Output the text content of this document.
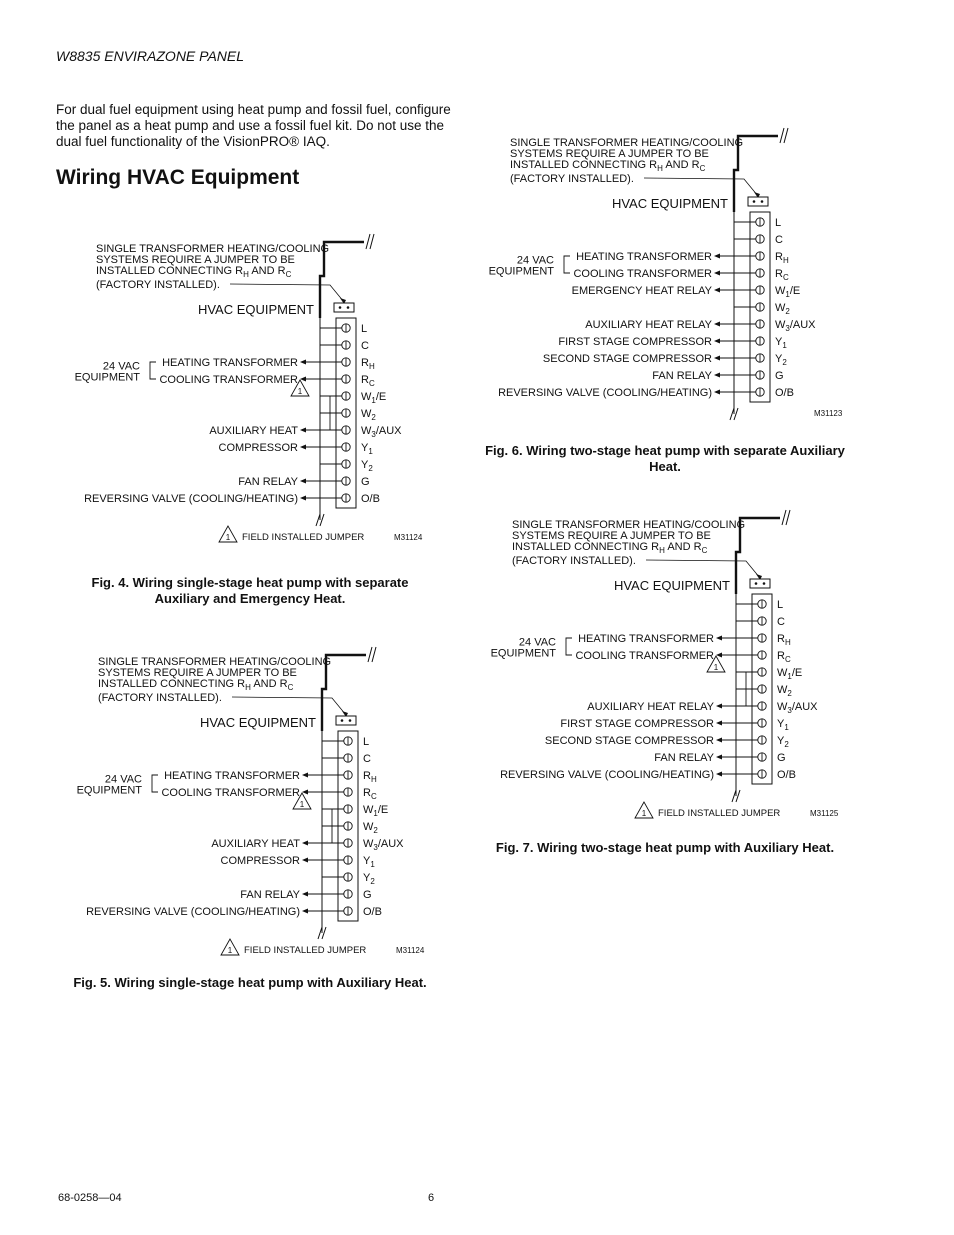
W8835 ENVIRAZONE PANEL
For dual fuel equipment using heat pump and fossil fuel, configure the panel as a heat pump and use a fossil fuel kit. Do not use the dual fuel functionality of the VisionPRO® IAQ.
Wiring HVAC Equipment
SINGLE TRANSFORMER HEATING/COOLING
SYSTEMS REQUIRE A JUMPER TO BE
INSTALLED CONNECTING $R_H$ AND $R_C$
(FACTORY INSTALLED).
HVAC EQUIPMENT
L
C
$R_H$
HEATING TRANSFORMER
$R_C$
COOLING TRANSFORMER
$W_1/E$
$W_2$
$W_3$/AUX
AUXILIARY HEAT
$Y_1$
COMPRESSOR
$Y_2$
G
FAN RELAY
O/B
REVERSING VALVE (COOLING/HEATING)
24 VAC
EQUIPMENT
1
1 FIELD INSTALLED JUMPER	M31124
Fig. 4. Wiring single-stage heat pump with separate
Auxiliary and Emergency Heat.
SINGLE TRANSFORMER HEATING/COOLING
SYSTEMS REQUIRE A JUMPER TO BE
INSTALLED CONNECTING $R_H$ AND $R_C$
(FACTORY INSTALLED).
HVAC EQUIPMENT
L
C
$R_H$
HEATING TRANSFORMER
$R_C$
COOLING TRANSFORMER
$W_1/E$
$W_2$
$W_3$/AUX
AUXILIARY HEAT
$Y_1$
COMPRESSOR
$Y_2$
G
FAN RELAY
O/B
REVERSING VALVE (COOLING/HEATING)
24 VAC
EQUIPMENT
1
1 FIELD INSTALLED JUMPER	M31124
Fig. 5. Wiring single-stage heat pump with Auxiliary Heat.
SINGLE TRANSFORMER HEATING/COOLING
SYSTEMS REQUIRE A JUMPER TO BE
INSTALLED CONNECTING $R_H$ AND $R_C$
(FACTORY INSTALLED).
HVAC EQUIPMENT
L
C
$R_H$
HEATING TRANSFORMER
$R_C$
COOLING TRANSFORMER
$W_1/E$
EMERGENCY HEAT RELAY
$W_2$
$W_3$/AUX
AUXILIARY HEAT RELAY
$Y_1$
FIRST STAGE COMPRESSOR
$Y_2$
SECOND STAGE COMPRESSOR
G
FAN RELAY
O/B
REVERSING VALVE (COOLING/HEATING)
24 VAC
EQUIPMENT
M31123
Fig. 6. Wiring two-stage heat pump with separate Auxiliary
Heat.
SINGLE TRANSFORMER HEATING/COOLING
SYSTEMS REQUIRE A JUMPER TO BE
INSTALLED CONNECTING $R_H$ AND $R_C$
(FACTORY INSTALLED).
HVAC EQUIPMENT
L
C
$R_H$
HEATING TRANSFORMER
$R_C$
COOLING TRANSFORMER
$W_1/E$
$W_2$
$W_3$/AUX
AUXILIARY HEAT RELAY
$Y_1$
FIRST STAGE COMPRESSOR
$Y_2$
SECOND STAGE COMPRESSOR
G
FAN RELAY
O/B
REVERSING VALVE (COOLING/HEATING)
24 VAC
EQUIPMENT
1
1 FIELD INSTALLED JUMPER	M31125
Fig. 7. Wiring two-stage heat pump with Auxiliary Heat.
68-0258—04	6
